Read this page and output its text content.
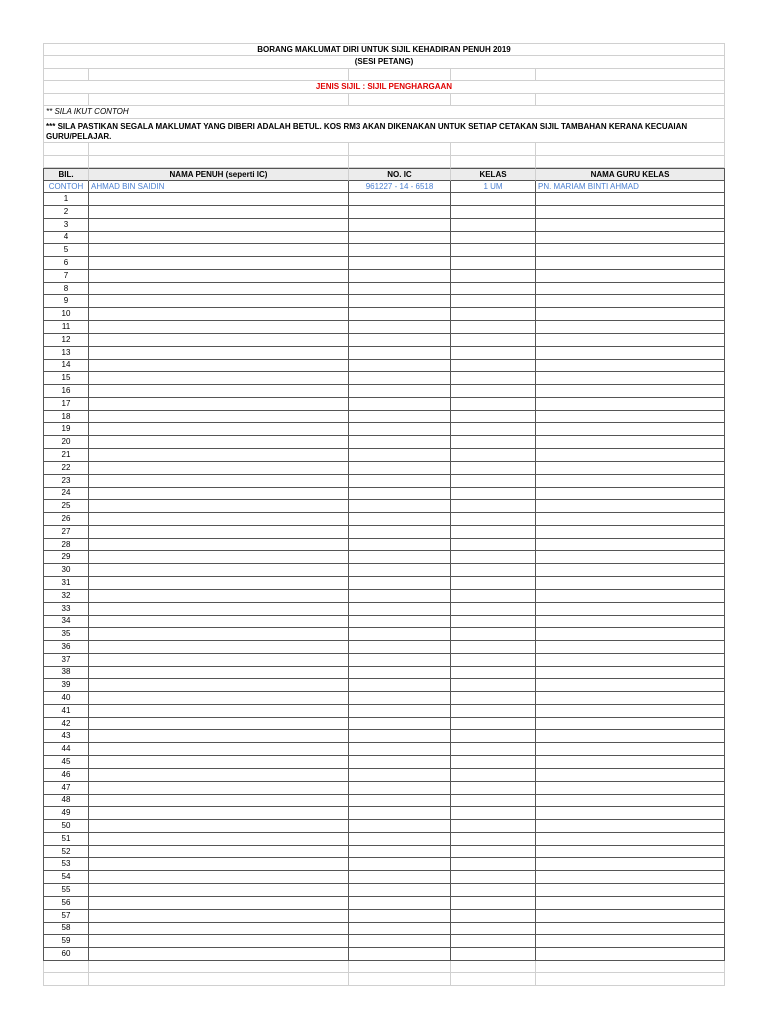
BORANG MAKLUMAT DIRI UNTUK SIJIL KEHADIRAN PENUH 2019
(SESI PETANG)
JENIS SIJIL : SIJIL PENGHARGAAN
** SILA IKUT CONTOH
*** SILA PASTIKAN SEGALA MAKLUMAT YANG DIBERI ADALAH BETUL. KOS RM3 AKAN DIKENAKAN UNTUK SETIAP CETAKAN SIJIL TAMBAHAN KERANA KECUAIAN GURU/PELAJAR.
BIL.	NAMA PENUH (seperti IC)	NO. IC	KELAS	NAMA GURU KELAS
CONTOH AHMAD BIN SAIDIN	961227 - 14 - 6518	1 UM	PN. MARIAM BINTI AHMAD
1
2
3
4
5
6
7
8
9
10
11
12
13
14
15
16
17
18
19
20
21
22
23
24
25
26
27
28
29
30
31
32
33
34
35
36
37
38
39
40
41
42
43
44
45
46
47
48
49
50
51
52
53
54
55
56
57
58
59
60
